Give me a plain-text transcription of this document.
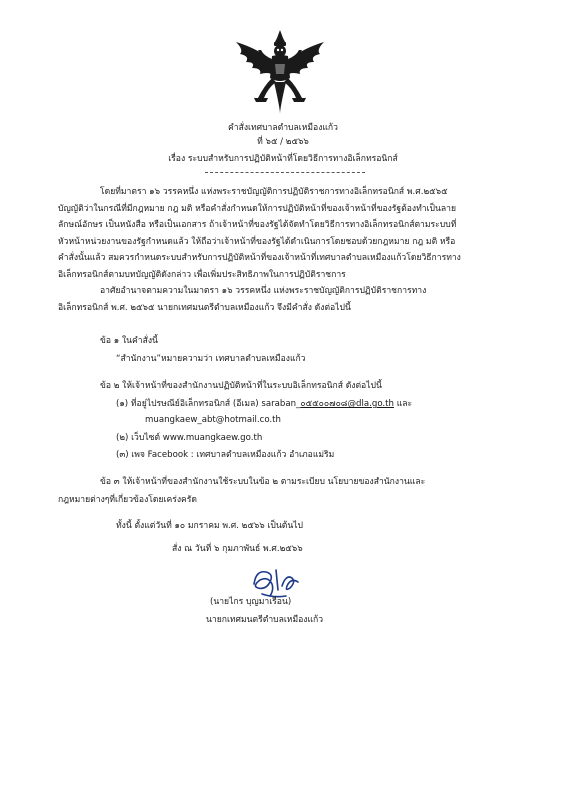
คำสั่งเทศบาลตำบลเหมืองแก้ว
ที่ ๖๕ / ๒๕๖๖
เรื่อง ระบบสำหรับการปฏิบัติหน้าที่โดยวิธีการทางอิเล็กทรอนิกส์
โดยที่มาตรา ๑๖ วรรคหนึ่ง แห่งพระราชบัญญัติการปฏิบัติราชการทางอิเล็กทรอนิกส์ พ.ศ.๒๕๖๕
บัญญัติว่าในกรณีที่มีกฎหมาย กฎ มติ หรือคำสั่งกำหนดให้การปฏิบัติหน้าที่ของเจ้าหน้าที่ของรัฐต้องทำเป็นลาย
ลักษณ์อักษร เป็นหนังสือ หรือเป็นเอกสาร ถ้าเจ้าหน้าที่ของรัฐได้จัดทำโดยวิธีการทางอิเล็กทรอนิกส์ตามระบบที่
หัวหน้าหน่วยงานของรัฐกำหนดแล้ว ให้ถือว่าเจ้าหน้าที่ของรัฐได้ดำเนินการโดยชอบด้วยกฎหมาย กฎ มติ หรือ
คำสั่งนั้นแล้ว สมควรกำหนดระบบสำหรับการปฏิบัติหน้าที่ของเจ้าหน้าที่เทศบาลตำบลเหมืองแก้วโดยวิธีการทาง
อิเล็กทรอนิกส์ตามบทบัญญัติดังกล่าว เพื่อเพิ่มประสิทธิภาพในการปฏิบัติราชการ
อาศัยอำนาจตามความในมาตรา ๑๖ วรรคหนึ่ง แห่งพระราชบัญญัติการปฏิบัติราชการทาง
อิเล็กทรอนิกส์ พ.ศ. ๒๕๖๕ นายกเทศมนตรีตำบลเหมืองแก้ว จึงมีคำสั่ง ดังต่อไปนี้
ข้อ ๑ ในคำสั่งนี้
“สำนักงาน”หมายความว่า เทศบาลตำบลเหมืองแก้ว
ข้อ ๒ ให้เจ้าหน้าที่ของสำนักงานปฏิบัติหน้าที่ในระบบอิเล็กทรอนิกส์ ดังต่อไปนี้
(๑) ที่อยู่ไปรษณีย์อิเล็กทรอนิกส์ (อีเมล) saraban_๐๕๕๐๐๗๐๘@dla.go.th และ
muangkaew_abt@hotmail.co.th
(๒) เว็บไซต์ www.muangkaew.go.th
(๓) เพจ Facebook : เทศบาลตำบลเหมืองแก้ว อำเภอแม่ริม
ข้อ ๓ ให้เจ้าหน้าที่ของสำนักงานใช้ระบบในข้อ ๒ ตามระเบียบ นโยบายของสำนักงานและ
กฎหมายต่างๆที่เกี่ยวข้องโดยเคร่งครัด
ทั้งนี้ ตั้งแต่วันที่ ๑๐ มกราคม พ.ศ. ๒๕๖๖ เป็นต้นไป
สั่ง ณ วันที่ ๖ กุมภาพันธ์ พ.ศ.๒๕๖๖
(นายไกร บุญมาเรือน)
นายกเทศมนตรีตำบลเหมืองแก้ว
